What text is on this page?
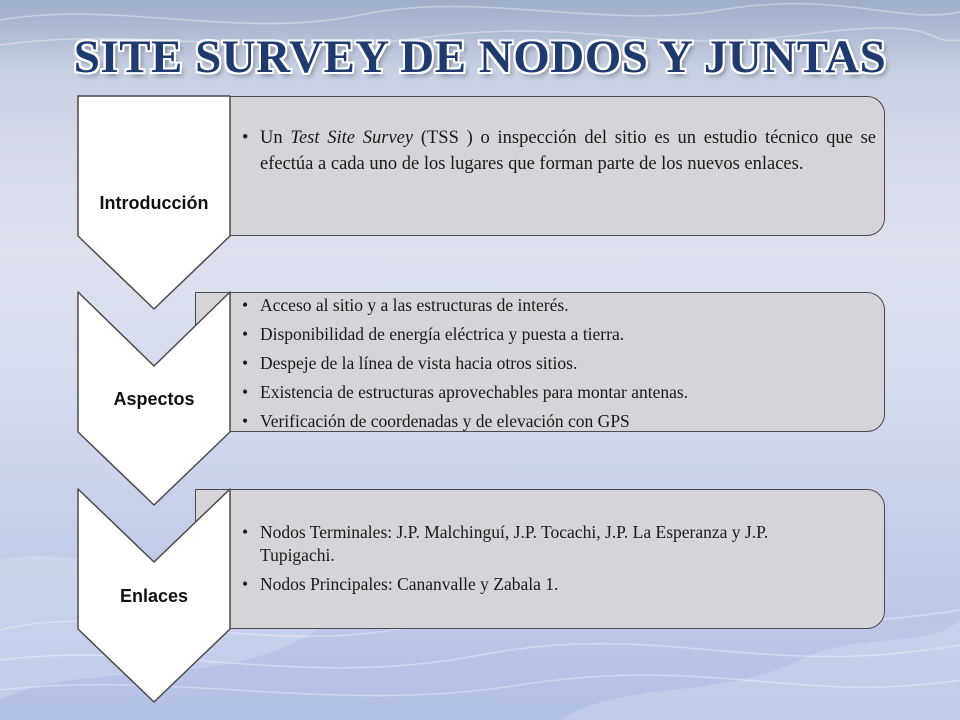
SITE SURVEY DE NODOS Y JUNTAS
• Un Test Site Survey (TSS ) o inspección del sitio es un estudio técnico que se efectúa a cada uno de los lugares que forman parte de los nuevos enlaces.
• Acceso al sitio y a las estructuras de interés.
• Disponibilidad de energía eléctrica y puesta a tierra.
• Despeje de la línea de vista hacia otros sitios.
• Existencia de estructuras aprovechables para montar antenas.
• Verificación de coordenadas y de elevación con GPS
• Nodos Terminales: J.P. Malchinguí, J.P. Tocachi, J.P. La Esperanza y J.P. Tupigachi.
• Nodos Principales: Cananvalle y Zabala 1.
Introducción
Aspectos
Enlaces
